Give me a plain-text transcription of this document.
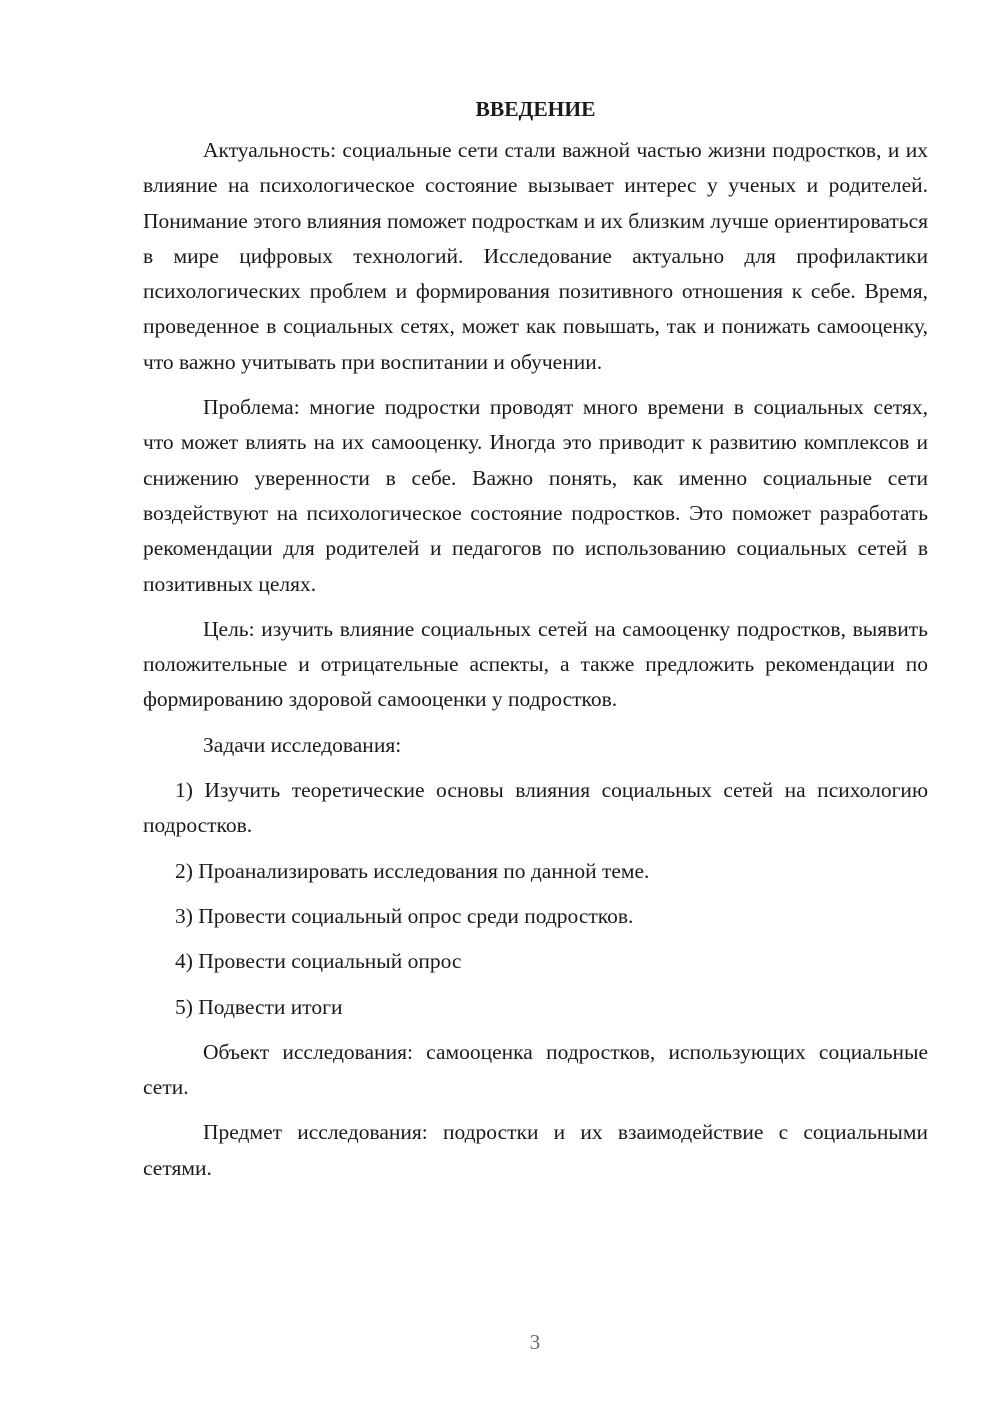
ВВЕДЕНИЕ

Актуальность: социальные сети стали важной частью жизни подростков, и их влияние на психологическое состояние вызывает интерес у ученых и родителей. Понимание этого влияния поможет подросткам и их близким лучше ориентироваться в мире цифровых технологий. Исследование актуально для профилактики психологических проблем и формирования позитивного отношения к себе. Время, проведенное в социальных сетях, может как повышать, так и понижать самооценку, что важно учитывать при воспитании и обучении.

Проблема: многие подростки проводят много времени в социальных сетях, что может влиять на их самооценку. Иногда это приводит к развитию комплексов и снижению уверенности в себе. Важно понять, как именно социальные сети воздействуют на психологическое состояние подростков. Это поможет разработать рекомендации для родителей и педагогов по использованию социальных сетей в позитивных целях.

Цель: изучить влияние социальных сетей на самооценку подростков, выявить положительные и отрицательные аспекты, а также предложить рекомендации по формированию здоровой самооценки у подростков.

Задачи исследования:

1) Изучить теоретические основы влияния социальных сетей на психологию подростков.

2) Проанализировать исследования по данной теме.

3) Провести социальный опрос среди подростков.

4) Провести социальный опрос

5) Подвести итоги

Объект исследования: самооценка подростков, использующих социальные сети.

Предмет исследования: подростки и их взаимодействие с социальными сетями.

3
